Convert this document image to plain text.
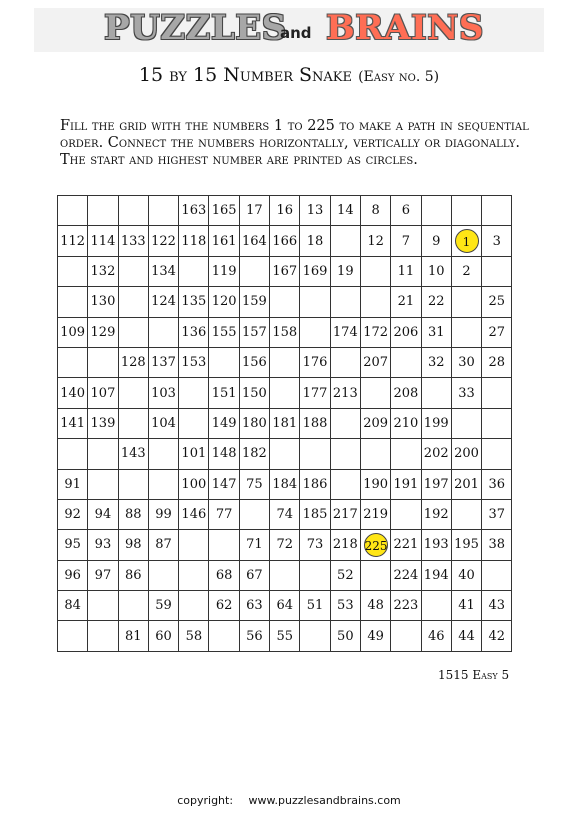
PUZZLES
and BRAINS
15 by 15 Number Snake (Easy no. 5)
Fill the grid with the numbers 1 to 225 to make a path in sequential
order. Connect the numbers horizontally, vertically or diagonally.
The start and highest number are printed as circles.
				163	165	17	16	13	14	8	6			
112	114	133	122	118	161	164	166	18		12	7	9	1	3
	132		134		119		167	169	19		11	10	2	
	130		124	135	120	159					21	22		25
109	129			136	155	157	158		174	172	206	31		27
		128	137	153		156		176		207		32	30	28
140	107		103		151	150		177	213		208		33	
141	139		104		149	180	181	188		209	210	199		
		143		101	148	182						202	200	
91				100	147	75	184	186		190	191	197	201	36
92	94	88	99	146	77		74	185	217	219		192		37
95	93	98	87			71	72	73	218	225	221	193	195	38
96	97	86			68	67			52		224	194	40	
84			59		62	63	64	51	53	48	223		41	43
		81	60	58		56	55		50	49		46	44	42
1515 Easy 5
copyright: www.puzzlesandbrains.com
